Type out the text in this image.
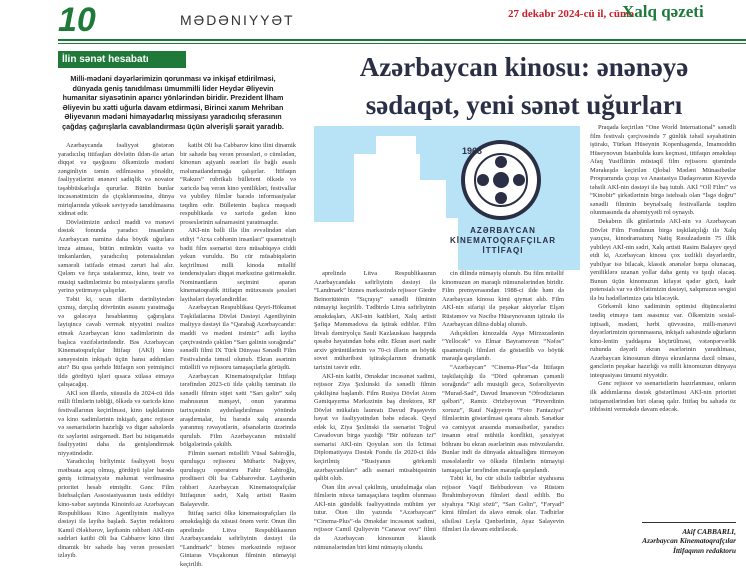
10	MƏDƏNIYYƏT	27 dekabr 2024-cü il, cümə
Xalq qəzeti
İlin sənət hesabatı
Milli-mədəni dəyərlərimizin qorunması və inkişaf etdirilməsi, dünyada geniş tanıdılması ümummilli lider Heydər Əliyevin humanitar siyasətinin aparıcı yönlərindən biridir. Prezident İlham Əliyevin bu xətti uğurla davam etdirməsi, Birinci xanım Mehriban Əliyevanın mədəni himayədarlıq missiyası yaradıcılıq sferasının çağdaş çağırışlarla cavablandırması üçün əlverişli şərait yaradıb.
Azərbaycan kinosu: ənənəyə
sədaqət, yeni sənət uğurları

Azərbaycanda fəaliyyət göstərən yaradıcılıq ittifaqları dövlətin ildən-ilə artan diqqət və qayğısını ölkəmizdə mədəni zənginliyin təmin edilməsinə yönəldir, fəaliyyətlərini ənənəvi sadiqlik və novator təşəbbüskarlıqla qururlar. Bütün bunlar incəsənətimizin də çiçəklənməsinə, dünya miriqlarında yüksək səviyyədə tanıdılmasına xidmət edir.

Dövlətimizin ardıcıl maddi və mənəvi dəstək fonunda yaradıcı insanların Azərbaycan naminə daha böyük uğurlara imza atması, bütün mümkün vasitə və imkanlardan, yaradıcılıq potensialından səmərəli istifadə etməsi zəruri hal alır. Qələm və fırça ustalarımız, kino, teatr və musiqi xadimlərimiz bu missiyalarını şərəflə yerinə yetirməyə çalışırlar.

Təbii ki, ucun illərin dərinliyindən çıxmış, dərçılıq dövrünün əsasını yaratmağa və gələcəyə hesablanmış çağırışlara layiqincə cavab vermək niyyətini realizə etmək Azərbaycan kino xadimlərinin də başlıca vəzifələrindəndir. Bəs Azərbaycan Kinematoqrafçılar İttifaqı (AKİ) kino sənəyesinin inkişafı üçün hansı addımları atır? Bu qısa şərhdə İttifaqın son yetmişinci ildə gördüyü işləri qısaca xülasə etməyə çalışacağıq.

AKİ son illərdə, xüsusilə də 2024-cü ildə milli filmlərin təbliği, ölkədə və xaricdə kino festivallarının keçirilməsi, kino təşkilatının və kino xadimlərinin inkişafı, gənc rejissor və ssenaristlərin hazırlığı və digər sahələrdə öz səylərini əsirgəmədi. Bəri bu istiqamətdə fəaliyyətini daha da genişləndirmək niyyətindədir.

Yaradıcılıq birliyimiz fəaliyyəti boyu mətbuata açıq olmuş, gördüyü işlər barədə geniş ictimaiyyətə məlumat verilməsinə prioritet hesab etmişdir. Gənc Film İstehsalçıları Assosiasiyasının təsis edildiyi kino-xəbər saytında Kinoinfo.az Azərbaycan Respublikası Kino Agentliyinin maliyyə dəstəyi ilə layihə başladı. Saytın redaktoru Kamil Ələkbərov, layihənin rəhbəri AKİ-nin sədrləri katibi Əli İsa Cabbarov kino ilini dinamik bir sahədə baş verən prosesləri izləyib.

katibi Əli İsa Cabbarov kino ilini dinamik bir sahədə baş verən prosesləri, o cümlədən, kinonun aşiyanlı əsərləri ilə bağlı əsaslı məlumatlandırmağa çalışırlar. İttifaqın “Rakurs” rubrikalı bülleteni ölkədə və xaricdə baş verən kino yenilikləri, festivallar və yubiley filmlər barədə informasiyalar təqdim edir. Bülletenin başlıca məqsədi respublikada və xaricdə gedən kino proseslərinin salnaməsini yaratmaqdır.

AKİ-nin bəlli illə ilin əvvəlindən elan etdiyi “Arxa cəbhənin insanları” qısametrajlı bədii film ssenarisi üzrə müsabiqəyə ciddi yekun vuruldu. Bu cür müsabiqələrin keçirilməsi milli kinoda müəllif tendensiyaları diqqət mərkəzinə gətirməkdir. Nominantların seçimini aparan kinematoqrafik ittifaqın mütəxəssis şəxsləri layihələri dəyərləndirdilər.

Azərbaycan Respublikası Qeyri-Hökumət Təşkilatlarına Dövlət Dəstəyi Agentliyinin maliyyə dəstəyi ilə “Qarabağ Azərbaycandır: maddi və mədəni irsimiz” adlı layihə çərçivəsində çəkilən “Sarı gəlinin sorağında” sənədli filmi IX Türk Dünyası Sənədli Film Festivalında təmsil olunub. Ekran əsərinin müəllifi və rejissoru tamaşaçılarla görüşdü.

Azərbaycan Kinematoqrafçılar İttifaqı tərəfindən 2023-cü ildə çəkiliş təminatı ilə sənədli filmin süjet xətti “Sarı gəlin” xalq mahnısının mənşəyi, onun yaranma tarixçəsinin aydınlaşdırılması yönündə araşdırmalar, bu barədə xalq arasında yaranmış rəvayətlərin, əfsanələrin üzərində qurulub. Film Azərbaycanın müxtəlif bölgələrində çəkilib.

Filmin ssenari müəllifi Vüsal Sabiroğlu, quruluşçu rejissoru Mübariz Nağıyev, quruluşçu operatoru Fahir Sabiroğlu, prodüseri Əli İsa Cabbarovdur. Layihənin rəhbəri Azərbaycan Kinematoqrafçılar İttifaqının sədri, Xalq artisti Rasim Balayevdir.

İttifaq sarici ölkə kinematoqrafçıları ilə əməkdaşlığı da xüsusi önəm verir. Onun ilin aprelində Litva Respublikasının Azərbaycandakı səfirliyinin dəstəyi ilə “Landmark” biznes mərkəzində rejissor Gintaras Visçakonun filminin nümayişi keçirilib.

1963
AZƏRBAYCAN
KİNEMATOQRAFÇILAR
İTTİFAQI

aprelində Litva Respublikasının Azərbaycandakı səfirliyinin dəstəyi ilə “Landmark” biznes mərkəzində rejissor Giedre Beinoriūtėnin “Sıçrayış” sənədli filminin nümayişi keçirilib. Tədbirdə Litva səfirliyinin əməkdaşları, AKİ-nin katibləri, Xalq artisti Şəfiqə Məmmədova da iştirak ediblər. Film litvalı dəmiryolçu Sauli Kazlauskası haqqında qəsəbə həyatından bəhs edir. Ekran əsəri nadir arxiv görüntülərinin və 70-ci illərin ən böyük sovet mühəribəsi iştirakçılarının dramatik tarixini təsvir edir.

AKİ-nin katibi, Əməkdar incəsənət xadimi, rejissor Ziya Şıxlıinski ilə sənədli filmin çəkilişinə başlanıb. Film Rusiya Dövlət Atom Gəmiqayırma Mərkəzinin baş direktoru, RF Dövlət mükafatı laureatı Davud Paşayevin həyat və fəaliyyətindən bəhs edəcək. Qeyd edək ki, Ziya Şıxlinski ilə ssenarist Toğrul Cavadovun birgə yazdığı “Bir nüfuzun izi” ssenarisi AKİ-nin Qoyulan son ilə İctimai Diplomatiyaya Dəstək Fondu ilə 2020-ci ildə keçirilmiş “Rusiyanın görkəmli azərbaycanlıları” adlı ssenari müsabiqəsinin qalibi olub.

Ötən ilin avval çəkilmiş, unudulmağa olan filmlərin nüsxə tamaşaçılara təqdim olunması AKİ-nin gündəlik fəaliyyətində mühüm yer tutur. Ötən ilin yazında “Azərbaycan” “Cinema-Plus”-da Əməkdar incəsənət xadimi, rejissor Camil Quliyevin “Canavar ovu” filmi də Azərbaycan kinosunun klassik nümunələrindən biri kimi nümayiş olundu.

cin dilində nümayiş olunub. Bu film müəllif kinomuzun ən maraqlı nümunələrindən biridir. Film premyerasından 1988-ci ilde həm də Azərbaycan kinosu kimi qiymət alıb. Film AKİ-nin sifarişi ilə peşəkar aktyorlar Elşən Rüstəmov və Nəcibə Hüseynovanın iştirakı ilə Azərbaycan dilinə dublaj olunub.

Adıçəkilən kinozalda Ayşə Mirzəzadənin “Yellocək” və Elmar Bayramovun “Nəfəs” qısametrajlı filmləri də göstərilib və böyük maraqla qarşılanıb.

“Azərbaycan” “Cinema-Plus”-da İttifaqın təşkilatçılığı ilə “Dörd qəhrəman çəmənli sorağında” adlı musiqili gecə, Sofəroliyevin “Murad-Sad”, Davud İmanovun “Əfrodizianın qəlbəri”, Ramiz Ərizbəyovun “Pirverdinin xoruzu”, Rauf Nağıyevin “Foto Fantaziya” filmlərinin göstərilməsi qərara alınıb. Sənətkar və cəmiyyət arasında mənasibətlər, yaradıcı insanın ətraf mühitlə konflikti, şəxsiyyət böhranı bu ekran əsərlərinin əsas mövzularıdır. Bunlar indi də dünyada aktuallığını itirməyən məsələlərdir və ölkədə filmlərin nümayişi tamaşaçılar tərəfindən maraqla qarşılandı.

Təbii ki, bu cür silsilə tədbirlər siyahısına rejissor Vaqif Behbudovun və Rüstəm İbrahimbəyovun filmləri daxil edilib. Bu siyahıya “Kişi sözü”, “Sarı Gəlin”, “Fəryad” kimi filmləri də əlavə etmək olar. Tədbirlər silsiləsi Leyla Qənbərlinin, Ayaz Salayevin filmləri ilə davam etdiriləcək.

Praqada keçirilən “One World International” sənədli film festivalı çərçivəsində 7 günlük təhsil səyahətinin iştirakı, Türkan Hüseynin Kopenhagendə, İmamoddin Hüseynovun İstanbulda kurs keçməsi, ittifaqın əməkdaşı Afaq Yusifliinin müstəqil film rejissoru qismində Mərakeşdə keçirilən Qlobal Mədəni Münasibətlər Proqramında çıxışı və Anastasiya Dadaşovanın Kiyevdə təhsili AKİ-nin dəstəyi ilə baş tutub. AKİ “Oll Film” və “Kinobir” şirkətlərinin birgə istehsalı olan “İsgə doğru” sənədli filminin beynəlxalq festivallarda təqdim olunmasında da əhəmiyyətli rol oynayıb.

Dekabrın ilk günlərində AKİ-nin və Azərbaycan Dövlət Film Fondunun birgə təşkilatçılığı ilə Xalq yazıçısı, kinodramaturq Natiq Rəsulzadənin 75 illik yubileyi AKİ-nin sədri, Xalq artisti Rasim Balayev qeyd etdi ki, Azərbaycan kinosu çox təzlikli dəyərlərdir, yubilyar isə bilacak, klassik ənənələr bərpa olunacaq, yeniliklərə uzanan yollar daha geniş və işıqlı olacaq. Bunun üçün kinomuzun kifayət qədər gücü, kadr potensialı var və dövlətimizin dəstəyi, xalqımızın sevgisi ilə bu hədəflərimizə çata biləcəyik.

Görkəmli kino xadiminin optimist düşüncələrini təsdiq etməyə tam əsasımız var. Ölkəmizin sosial-iqtisadi, mədəni, hərbi qüvvəsinə, milli-mənəvi dəyərlərimizin qorunmasına, inkişafı sahəsində uğurların kino-lentin yaddaşına köçürülməsi, vətənpərvərlik ruhunda dəyərli ekran əsərlərinin yaradılması, Azərbaycan kinosunun dünya ekranlarına daxil olması, gənclərin peşəkar hazırlığı və milli kinomuzun dünyaya inteqrasiyası ümumi niyyətdir.

Gənc rejissor və ssenaristlərin hazırlanması, onların ilk addımlarına dəstək göstərilməsi AKİ-nin prioritet istiqamətlərindən biri olaraq qalır. İttifaq bu sahədə öz töhfəsini verməkdə davam edəcək.

Akif CABBARLI,
Azərbaycan Kinematoqrafçılar
İttifaqının redaktoru
